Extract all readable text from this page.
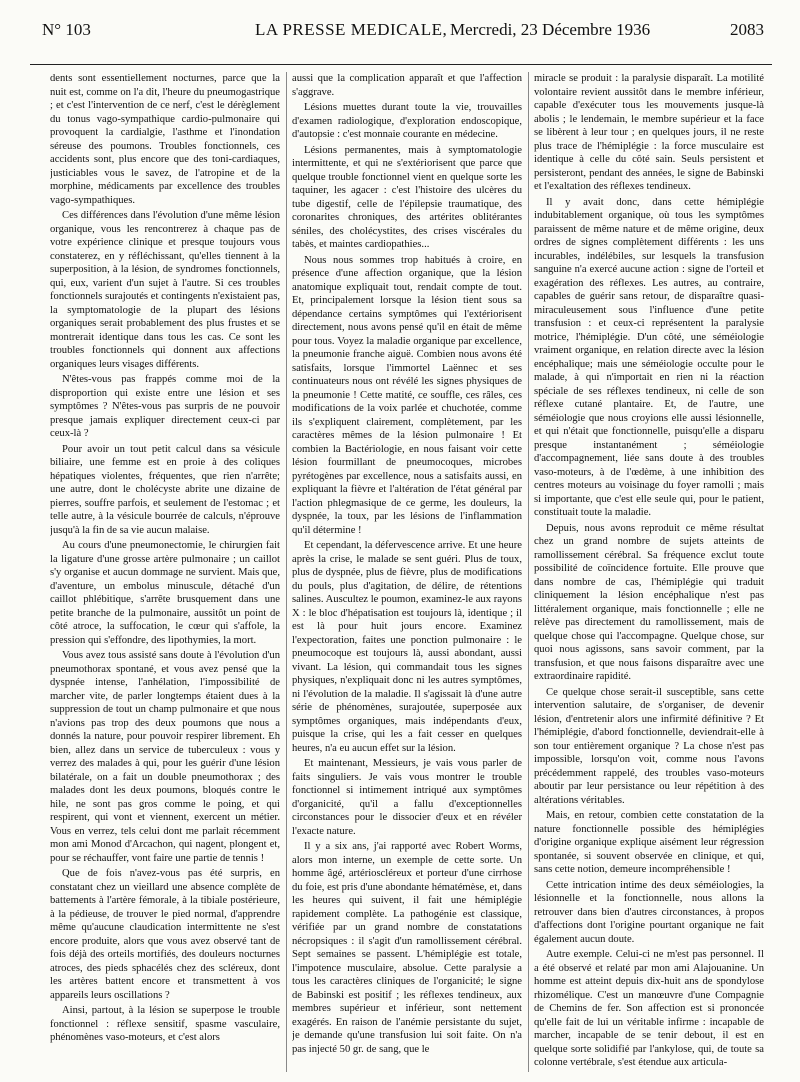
N° 103	LA PRESSE MEDICALE, Mercredi, 23 Décembre 1936	2083

dents sont essentiellement nocturnes, parce que la nuit est, comme on l'a dit, l'heure du pneumogastrique ; et c'est l'intervention de ce nerf, c'est le dérèglement du tonus vago-sympathique cardio-pulmonaire qui provoquent la cardialgie, l'asthme et l'inondation séreuse des poumons. Troubles fonctionnels, ces accidents sont, plus encore que des toni-cardiaques, justiciables vous le savez, de l'atropine et de la morphine, médicaments par excellence des troubles vago-sympathiques.

Ces différences dans l'évolution d'une même lésion organique, vous les rencontrerez à chaque pas de votre expérience clinique et presque toujours vous constaterez, en y réfléchissant, qu'elles tiennent à la superposition, à la lésion, de syndromes fonctionnels, qui, eux, varient d'un sujet à l'autre. Si ces troubles fonctionnels surajoutés et contingents n'existaient pas, la symptomatologie de la plupart des lésions organiques serait probablement des plus frustes et se montrerait identique dans tous les cas. Ce sont les troubles fonctionnels qui donnent aux affections organiques leurs visages différents.

N'êtes-vous pas frappés comme moi de la disproportion qui existe entre une lésion et ses symptômes ? N'êtes-vous pas surpris de ne pouvoir presque jamais expliquer directement ceux-ci par ceux-là ?

Pour avoir un tout petit calcul dans sa vésicule biliaire, une femme est en proie à des coliques hépatiques violentes, fréquentes, que rien n'arrête; une autre, dont le cholécyste abrite une dizaine de pierres, souffre parfois, et seulement de l'estomac ; et telle autre, à la vésicule bourrée de calculs, n'éprouve jusqu'à la fin de sa vie aucun malaise.

Au cours d'une pneumonectomie, le chirurgien fait la ligature d'une grosse artère pulmonaire ; un caillot s'y organise et aucun dommage ne survient. Mais que, d'aventure, un embolus minuscule, détaché d'un caillot phlébitique, s'arrête brusquement dans une petite branche de la pulmonaire, aussitôt un point de côté atroce, la suffocation, le cœur qui s'affole, la pression qui s'effondre, des lipothymies, la mort.

Vous avez tous assisté sans doute à l'évolution d'un pneumothorax spontané, et vous avez pensé que la dyspnée intense, l'anhélation, l'impossibilité de marcher vite, de parler longtemps étaient dues à la suppression de tout un champ pulmonaire et que nous n'avions pas trop des deux poumons que nous a donnés la nature, pour pouvoir respirer librement. Eh bien, allez dans un service de tuberculeux : vous y verrez des malades à qui, pour les guérir d'une lésion bilatérale, on a fait un double pneumothorax ; des malades dont les deux poumons, bloqués contre le hile, ne sont pas gros comme le poing, et qui respirent, qui vont et viennent, exercent un métier. Vous en verrez, tels celui dont me parlait récemment mon ami Monod d'Arcachon, qui nagent, plongent et, pour se réchauffer, vont faire une partie de tennis !

Que de fois n'avez-vous pas été surpris, en constatant chez un vieillard une absence complète de battements à l'artère fémorale, à la tibiale postérieure, à la pédieuse, de trouver le pied normal, d'apprendre même qu'aucune claudication intermittente ne s'est encore produite, alors que vous avez observé tant de fois déjà des orteils mortifiés, des douleurs nocturnes atroces, des pieds sphacélés chez des scléreux, dont les artères battent encore et transmettent à vos appareils leurs oscillations ?

Ainsi, partout, à la lésion se superpose le trouble fonctionnel : réflexe sensitif, spasme vasculaire, phénomènes vaso-moteurs, et c'est alors

aussi que la complication apparaît et que l'affection s'aggrave.

Lésions muettes durant toute la vie, trouvailles d'examen radiologique, d'exploration endoscopique, d'autopsie : c'est monnaie courante en médecine.

Lésions permanentes, mais à symptomatologie intermittente, et qui ne s'extériorisent que parce que quelque trouble fonctionnel vient en quelque sorte les taquiner, les agacer : c'est l'histoire des ulcères du tube digestif, celle de l'épilepsie traumatique, des coronarites chroniques, des artérites oblitérantes séniles, des cholécystites, des crises viscérales du tabès, et maintes cardiopathies...

Nous nous sommes trop habitués à croire, en présence d'une affection organique, que la lésion anatomique expliquait tout, rendait compte de tout. Et, principalement lorsque la lésion tient sous sa dépendance certains symptômes qui l'extériorisent directement, nous avons pensé qu'il en était de même pour tous. Voyez la maladie organique par excellence, la pneumonie franche aiguë. Combien nous avons été satisfaits, lorsque l'immortel Laënnec et ses continuateurs nous ont révélé les signes physiques de la pneumonie ! Cette matité, ce souffle, ces râles, ces modifications de la voix parlée et chuchotée, comme ils s'expliquent clairement, complètement, par les caractères mêmes de la lésion pulmonaire ! Et combien la Bactériologie, en nous faisant voir cette lésion fourmillant de pneumocoques, microbes pyrétogènes par excellence, nous a satisfaits aussi, en expliquant la fièvre et l'altération de l'état général par l'action phlegmasique de ce germe, les douleurs, la dyspnée, la toux, par les lésions de l'inflammation qu'il détermine !

Et cependant, la défervescence arrive. Et une heure après la crise, le malade se sent guéri. Plus de toux, plus de dyspnée, plus de fièvre, plus de modifications du pouls, plus d'agitation, de délire, de rétentions salines. Auscultez le poumon, examinez-le aux rayons X : le bloc d'hépatisation est toujours là, identique ; il est là pour huit jours encore. Examinez l'expectoration, faites une ponction pulmonaire : le pneumocoque est toujours là, aussi abondant, aussi vivant. La lésion, qui commandait tous les signes physiques, n'expliquait donc ni les autres symptômes, ni l'évolution de la maladie. Il s'agissait là d'une autre série de phénomènes, surajoutée, superposée aux symptômes organiques, mais indépendants d'eux, puisque la crise, qui les a fait cesser en quelques heures, n'a eu aucun effet sur la lésion.

Et maintenant, Messieurs, je vais vous parler de faits singuliers. Je vais vous montrer le trouble fonctionnel si intimement intriqué aux symptômes d'organicité, qu'il a fallu d'exceptionnelles circonstances pour le dissocier d'eux et en révéler l'exacte nature.

Il y a six ans, j'ai rapporté avec Robert Worms, alors mon interne, un exemple de cette sorte. Un homme âgé, artérioscléreux et porteur d'une cirrhose du foie, est pris d'une abondante hématémèse, et, dans les heures qui suivent, il fait une hémiplégie rapidement complète. La pathogénie est classique, vérifiée par un grand nombre de constatations nécropsiques : il s'agit d'un ramollissement cérébral. Sept semaines se passent. L'hémiplégie est totale, l'impotence musculaire, absolue. Cette paralysie a tous les caractères cliniques de l'organicité; le signe de Babinski est positif ; les réflexes tendineux, aux membres supérieur et inférieur, sont nettement exagérés. En raison de l'anémie persistante du sujet, je demande qu'une transfusion lui soit faite. On n'a pas injecté 50 gr. de sang, que le

miracle se produit : la paralysie disparaît. La motilité volontaire revient aussitôt dans le membre inférieur, capable d'exécuter tous les mouvements jusque-là abolis ; le lendemain, le membre supérieur et la face se libèrent à leur tour ; en quelques jours, il ne reste plus trace de l'hémiplégie : la force musculaire est identique à celle du côté sain. Seuls persistent et persisteront, pendant des années, le signe de Babinski et l'exaltation des réflexes tendineux.

Il y avait donc, dans cette hémiplégie indubitablement organique, où tous les symptômes paraissent de même nature et de même origine, deux ordres de signes complètement différents : les uns incurables, indélébiles, sur lesquels la transfusion sanguine n'a exercé aucune action : signe de l'orteil et exagération des réflexes. Les autres, au contraire, capables de guérir sans retour, de disparaître quasi-miraculeusement sous l'influence d'une petite transfusion : et ceux-ci représentent la paralysie motrice, l'hémiplégie. D'un côté, une séméiologie vraiment organique, en relation directe avec la lésion encéphalique; mais une séméiologie occulte pour le malade, à qui n'importait en rien ni la réaction spéciale de ses réflexes tendineux, ni celle de son réflexe cutané plantaire. Et, de l'autre, une séméiologie que nous croyions elle aussi lésionnelle, et qui n'était que fonctionnelle, puisqu'elle a disparu presque instantanément ; séméiologie d'accompagnement, liée sans doute à des troubles vaso-moteurs, à de l'œdème, à une inhibition des centres moteurs au voisinage du foyer ramolli ; mais si importante, que c'est elle seule qui, pour le patient, constituait toute la maladie.

Depuis, nous avons reproduit ce même résultat chez un grand nombre de sujets atteints de ramollissement cérébral. Sa fréquence exclut toute possibilité de coïncidence fortuite. Elle prouve que dans nombre de cas, l'hémiplégie qui traduit cliniquement la lésion encéphalique n'est pas littéralement organique, mais fonctionnelle ; elle ne relève pas directement du ramollissement, mais de quelque chose qui l'accompagne. Quelque chose, sur quoi nous agissons, sans savoir comment, par la transfusion, et que nous faisons disparaître avec une extraordinaire rapidité.

Ce quelque chose serait-il susceptible, sans cette intervention salutaire, de s'organiser, de devenir lésion, d'entretenir alors une infirmité définitive ? Et l'hémiplégie, d'abord fonctionnelle, deviendrait-elle à son tour entièrement organique ? La chose n'est pas impossible, lorsqu'on voit, comme nous l'avons précédemment rappelé, des troubles vaso-moteurs aboutir par leur persistance ou leur répétition à des altérations véritables.

Mais, en retour, combien cette constatation de la nature fonctionnelle possible des hémiplégies d'origine organique explique aisément leur régression spontanée, si souvent observée en clinique, et qui, sans cette notion, demeure incompréhensible !

Cette intrication intime des deux séméiologies, la lésionnelle et la fonctionnelle, nous allons la retrouver dans bien d'autres circonstances, à propos d'affections dont l'origine pourtant organique ne fait également aucun doute.

Autre exemple. Celui-ci ne m'est pas personnel. Il a été observé et relaté par mon ami Alajouanine. Un homme est atteint depuis dix-huit ans de spondylose rhizomélique. C'est un manœuvre d'une Compagnie de Chemins de fer. Son affection est si prononcée qu'elle fait de lui un véritable infirme : incapable de marcher, incapable de se tenir debout, il est en quelque sorte solidifié par l'ankylose, qui, de toute sa colonne vertébrale, s'est étendue aux articula-
